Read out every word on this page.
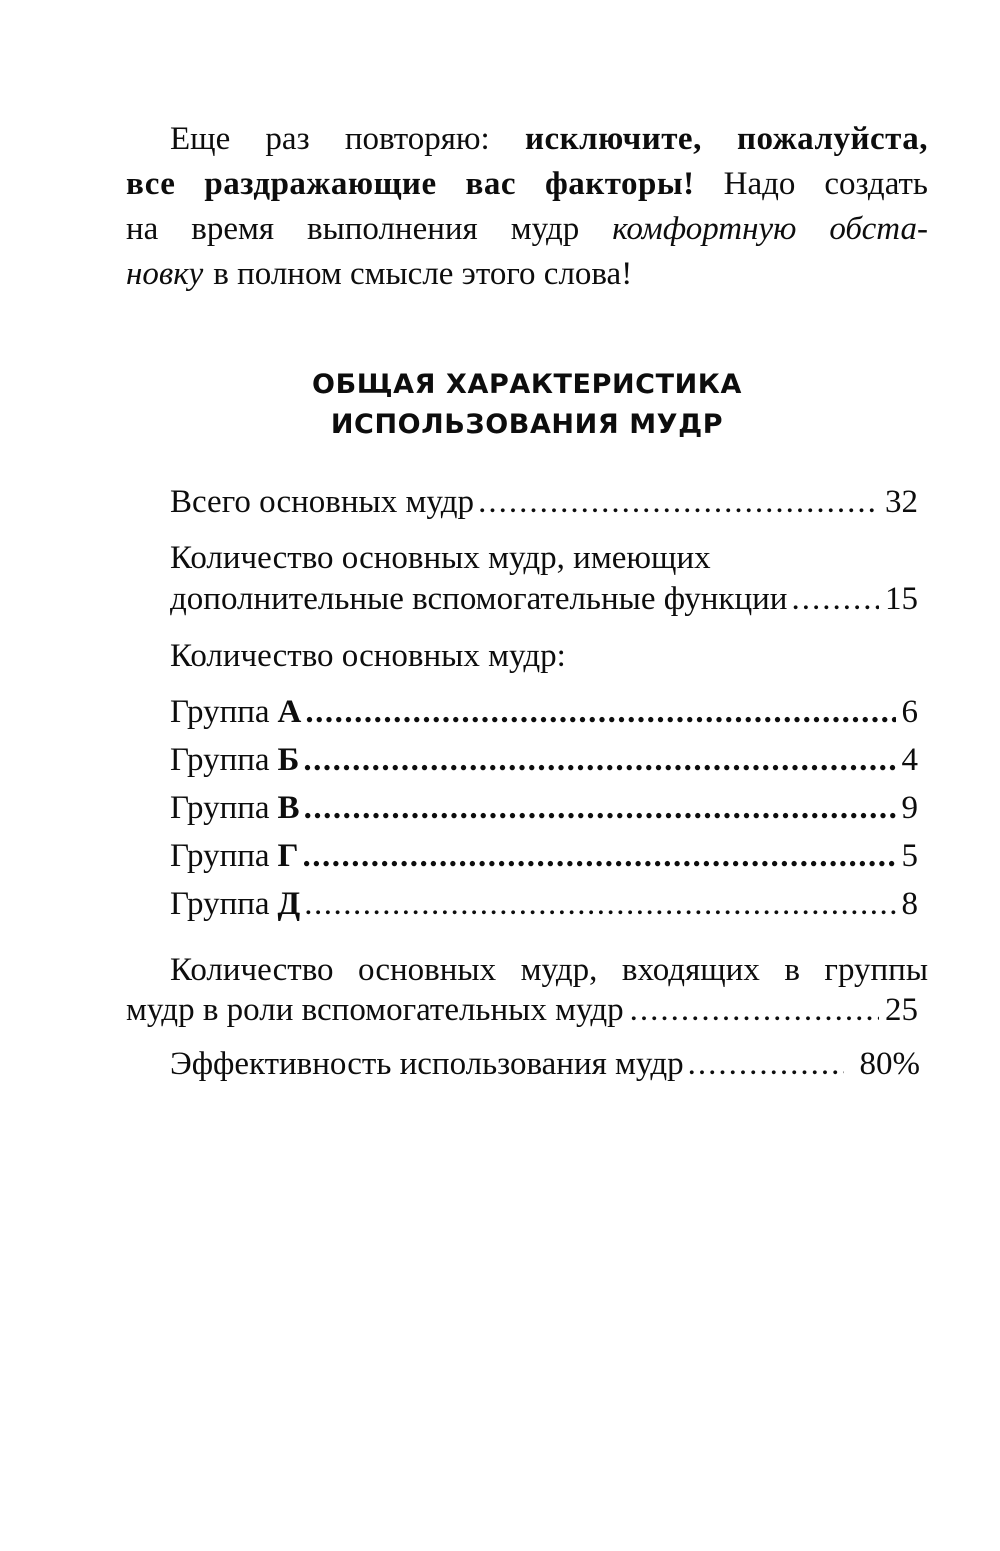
Еще раз повторяю: исключите, пожалуйста,
все раздражающие вас факторы! Надо создать
на время выполнения мудр комфортную обста-
новку в полном смысле этого слова!
ОБЩАЯ ХАРАКТЕРИСТИКА
ИСПОЛЬЗОВАНИЯ МУДР
Всего основных мудр .....	32
Количество основных мудр, имеющих
дополнительные вспомогательные функции .....	15
Количество основных мудр:
Группа А .....	6
Группа Б .....	4
Группа В .....	9
Группа Г .....	5
Группа Д .....	8
Количество основных мудр, входящих в группы
мудр в роли вспомогательных мудр .....	25
Эффективность использования мудр .....	80%
